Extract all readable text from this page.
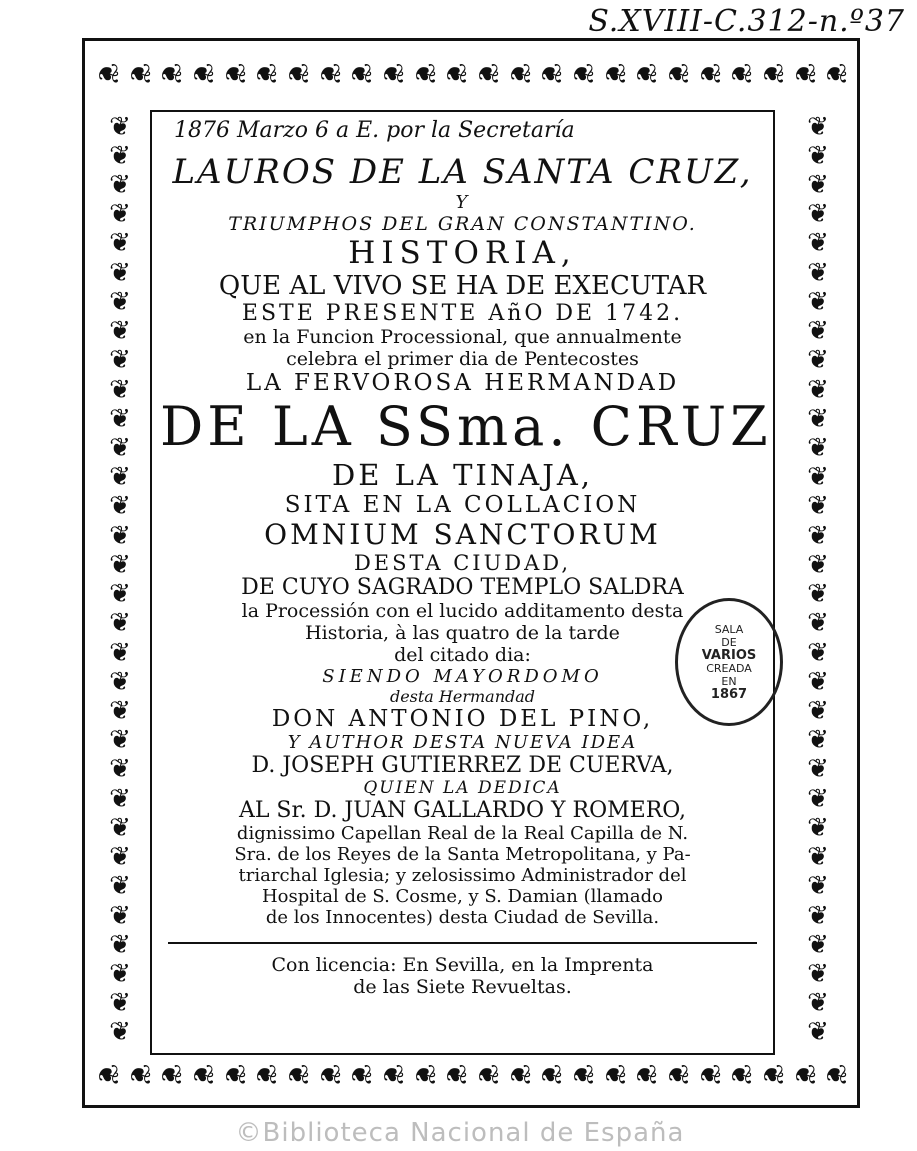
S.XVIII-C.312-n.º37
❦
❦
❦
❦
❦
❦
❦
❦
❦
❦
❦
❦
❦
❦
❦
❦
❦
❦
❦
❦
❦
❦
❦
❦
❦
❦
❦
❦
❦
❦
❦
❦
❦
❦
❦
❦
❦
❦
❦
❦
❦
❦
❦
❦
❦
❦
❦
❦
❦
❦
❦
❦
❦
❦
❦
❦
❦
❦
❦
❦
❦
❦
❦
❦
❦
❦
❦
❦
❦
❦
❦
❦
❦
❦
❦
❦
❦
❦
❦
❦
❦
❦
❦
❦
❦
❦
❦
❦
❦
❦
❦
❦
❦
❦
❦
❦
❦
❦
❦
❦
❦
❦
❦
❦
❦
❦
❦
❦
❦
❦
❦
❦

1876 Marzo 6 a E. por la Secretaría

LAUROS DE LA SANTA CRUZ,

Y

TRIUMPHOS DEL GRAN CONSTANTINO.

HISTORIA,

QUE AL VIVO SE HA DE EXECUTAR

ESTE PRESENTE AñO DE 1742.

en la Funcion Processional, que annualmente

celebra el primer dia de Pentecostes

LA FERVOROSA HERMANDAD

DE LA SSma. CRUZ

DE LA TINAJA,

SITA EN LA COLLACION

OMNIUM SANCTORUM

DESTA CIUDAD,

DE CUYO SAGRADO TEMPLO SALDRA

la Processión con el lucido additamento desta

Historia, à las quatro de la tarde

del citado dia:

SIENDO MAYORDOMO

desta Hermandad

DON ANTONIO DEL PINO,

Y AUTHOR DESTA NUEVA IDEA

D. JOSEPH GUTIERREZ DE CUERVA,

QUIEN LA DEDICA

AL Sr. D. JUAN GALLARDO Y ROMERO,

dignissimo Capellan Real de la Real Capilla de N.

Sra. de los Reyes de la Santa Metropolitana, y Pa-

triarchal Iglesia; y zelosissimo Administrador del

Hospital de S. Cosme, y S. Damian (llamado

de los Innocentes) desta Ciudad de Sevilla.

Con licencia: En Sevilla, en la Imprenta

de las Siete Revueltas.

SALA
DE
VARIOS
CREADA
EN
1867
©Biblioteca Nacional de España
